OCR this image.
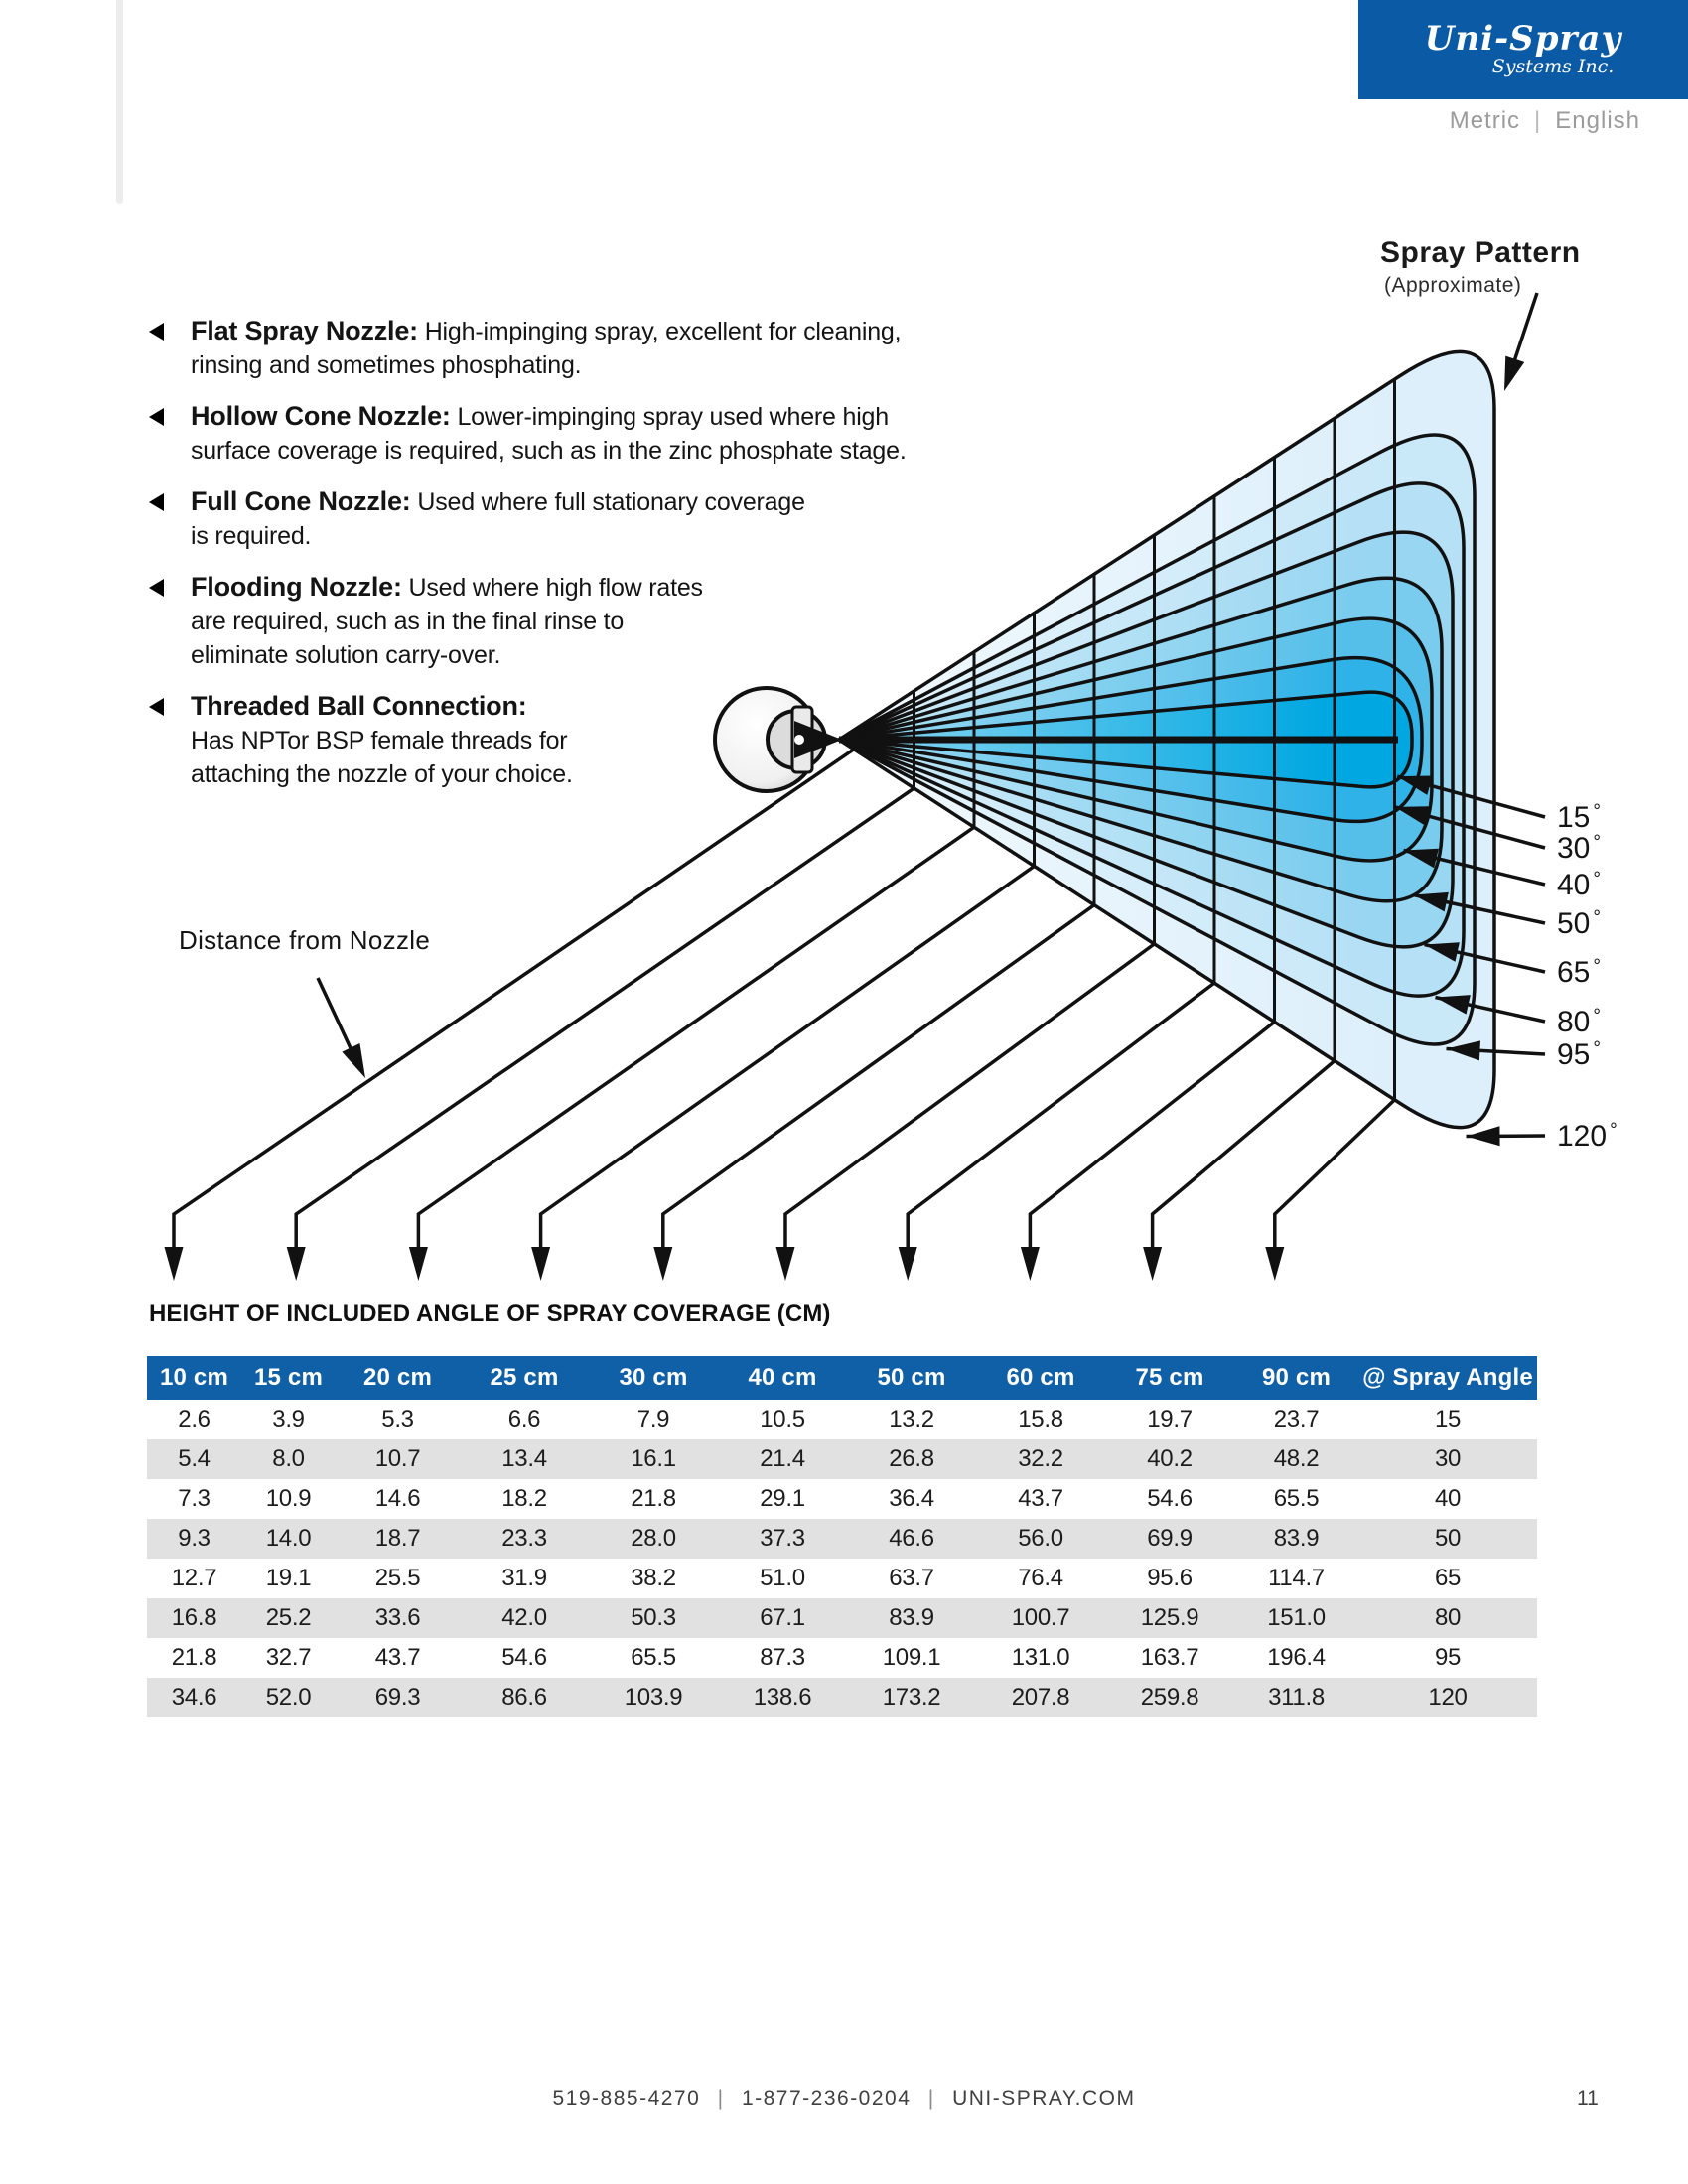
Uni-Spray
Systems Inc.
Metric | English
Flat Spray Nozzle: High-impinging spray, excellent for cleaning,
rinsing and sometimes phosphating.
Hollow Cone Nozzle: Lower-impinging spray used where high
surface coverage is required, such as in the zinc phosphate stage.
Full Cone Nozzle: Used where full stationary coverage
is required.
Flooding Nozzle: Used where high flow rates
are required, such as in the final rinse to
eliminate solution carry-over.
Threaded Ball Connection:
Has NPTor BSP female threads for
attaching the nozzle of your choice.
15 °
30 °
40 °
50 °
65 °
80 °
95 °
120 °
Spray Pattern
(Approximate)
Distance from Nozzle
HEIGHT OF INCLUDED ANGLE OF SPRAY COVERAGE (CM)
10 cm	15 cm	20 cm	25 cm	30 cm	40 cm	50 cm	60 cm	75 cm	90 cm	@ Spray Angle
2.6	3.9	5.3	6.6	7.9	10.5	13.2	15.8	19.7	23.7	15
5.4	8.0	10.7	13.4	16.1	21.4	26.8	32.2	40.2	48.2	30
7.3	10.9	14.6	18.2	21.8	29.1	36.4	43.7	54.6	65.5	40
9.3	14.0	18.7	23.3	28.0	37.3	46.6	56.0	69.9	83.9	50
12.7	19.1	25.5	31.9	38.2	51.0	63.7	76.4	95.6	114.7	65
16.8	25.2	33.6	42.0	50.3	67.1	83.9	100.7	125.9	151.0	80
21.8	32.7	43.7	54.6	65.5	87.3	109.1	131.0	163.7	196.4	95
34.6	52.0	69.3	86.6	103.9	138.6	173.2	207.8	259.8	311.8	120
519-885-4270 | 1-877-236-0204 | UNI-SPRAY.COM	11
